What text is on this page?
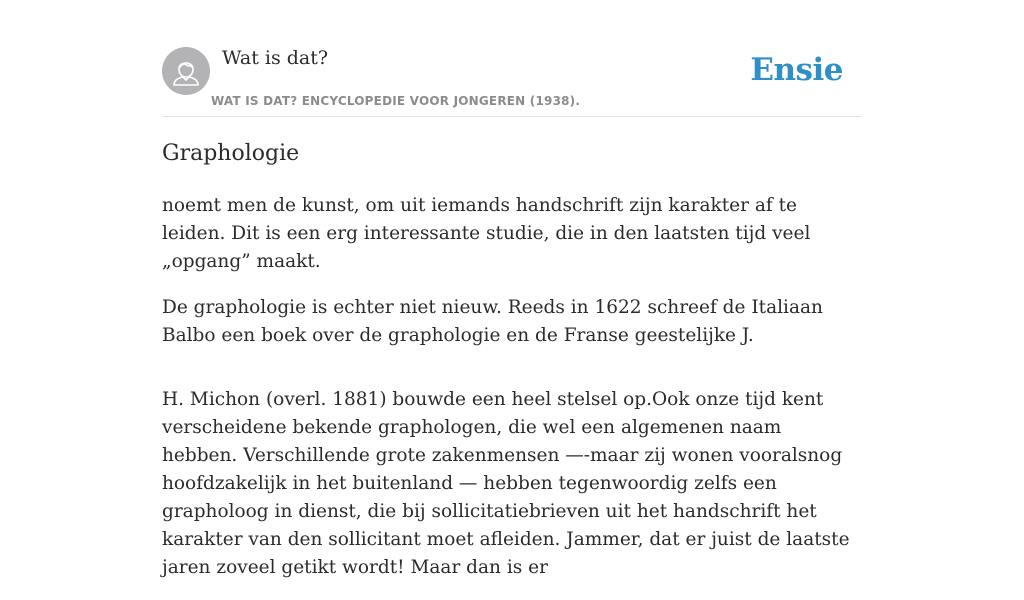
Wat is dat?
WAT IS DAT? ENCYCLOPEDIE VOOR JONGEREN (1938).
Ensie
Graphologie

noemt men de kunst, om uit iemands handschrift zijn karakter af te leiden. Dit is een erg interessante studie, die in den laatsten tijd veel „opgang” maakt.

De graphologie is echter niet nieuw. Reeds in 1622 schreef de Italiaan Balbo een boek over de graphologie en de Franse geestelijke J.

H. Michon (overl. 1881) bouwde een heel stelsel op.Ook onze tijd kent verscheidene bekende graphologen, die wel een algemenen naam hebben. Verschillende grote zakenmensen —-maar zij wonen vooralsnog hoofdzakelijk in het buitenland — hebben tegenwoordig zelfs een grapholoog in dienst, die bij sollicitatiebrieven uit het handschrift het karakter van den sollicitant moet afleiden. Jammer, dat er juist de laatste jaren zoveel getikt wordt! Maar dan is er
